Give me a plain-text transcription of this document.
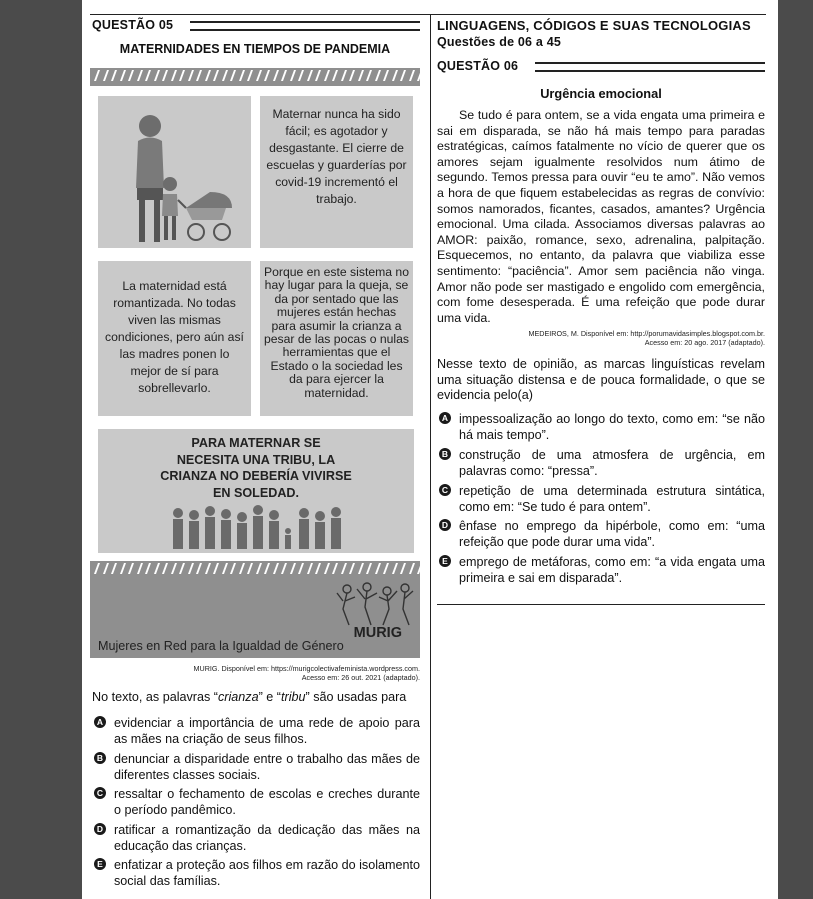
QUESTÃO 05
MATERNIDADES EN TIEMPOS DE PANDEMIA
Maternar nunca ha sido fácil; es agotador y desgastante. El cierre de escuelas y guarderías por covid-19 incrementó el trabajo.
La maternidad está romantizada. No todas viven las mismas condiciones, pero aún así las madres ponen lo mejor de sí para sobrellevarlo.
Porque en este sistema no hay lugar para la queja, se da por sentado que las mujeres están hechas para asumir la crianza a pesar de las pocas o nulas herramientas que el Estado o la sociedad les da para ejercer la maternidad.
PARA MATERNAR SE
NECESITA UNA TRIBU, LA
CRIANZA NO DEBERÍA VIVIRSE
EN SOLEDAD.
MURIG
Mujeres en Red para la Igualdad de Género
MURIG. Disponível em: https://murigcolectivafeminista.wordpress.com.
Acesso em: 26 out. 2021 (adaptado).
No texto, as palavras “crianza” e “tribu” são usadas para
A evidenciar a importância de uma rede de apoio para as mães na criação de seus filhos.
B denunciar a disparidade entre o trabalho das mães de diferentes classes sociais.
C ressaltar o fechamento de escolas e creches durante o período pandêmico.
D ratificar a romantização da dedicação das mães na educação das crianças.
E enfatizar a proteção aos filhos em razão do isolamento social das famílias.
LINGUAGENS, CÓDIGOS E SUAS TECNOLOGIAS
Questões de 06 a 45
QUESTÃO 06
Urgência emocional
Se tudo é para ontem, se a vida engata uma primeira e sai em disparada, se não há mais tempo para paradas estratégicas, caímos fatalmente no vício de querer que os amores sejam igualmente resolvidos num átimo de segundo. Temos pressa para ouvir “eu te amo”. Não vemos a hora de que fiquem estabelecidas as regras de convívio: somos namorados, ficantes, casados, amantes? Urgência emocional. Uma cilada. Associamos diversas palavras ao AMOR: paixão, romance, sexo, adrenalina, palpitação. Esquecemos, no entanto, da palavra que viabiliza esse sentimento: “paciência”. Amor sem paciência não vinga. Amor não pode ser mastigado e engolido com emergência, com fome desesperada. É uma refeição que pode durar uma vida.
MEDEIROS, M. Disponível em: http://porumavidasimples.blogspot.com.br.
Acesso em: 20 ago. 2017 (adaptado).
Nesse texto de opinião, as marcas linguísticas revelam uma situação distensa e de pouca formalidade, o que se evidencia pelo(a)
A impessoalização ao longo do texto, como em: “se não há mais tempo”.
B construção de uma atmosfera de urgência, em palavras como: “pressa”.
C repetição de uma determinada estrutura sintática, como em: “Se tudo é para ontem”.
D ênfase no emprego da hipérbole, como em: “uma refeição que pode durar uma vida”.
E emprego de metáforas, como em: “a vida engata uma primeira e sai em disparada”.
